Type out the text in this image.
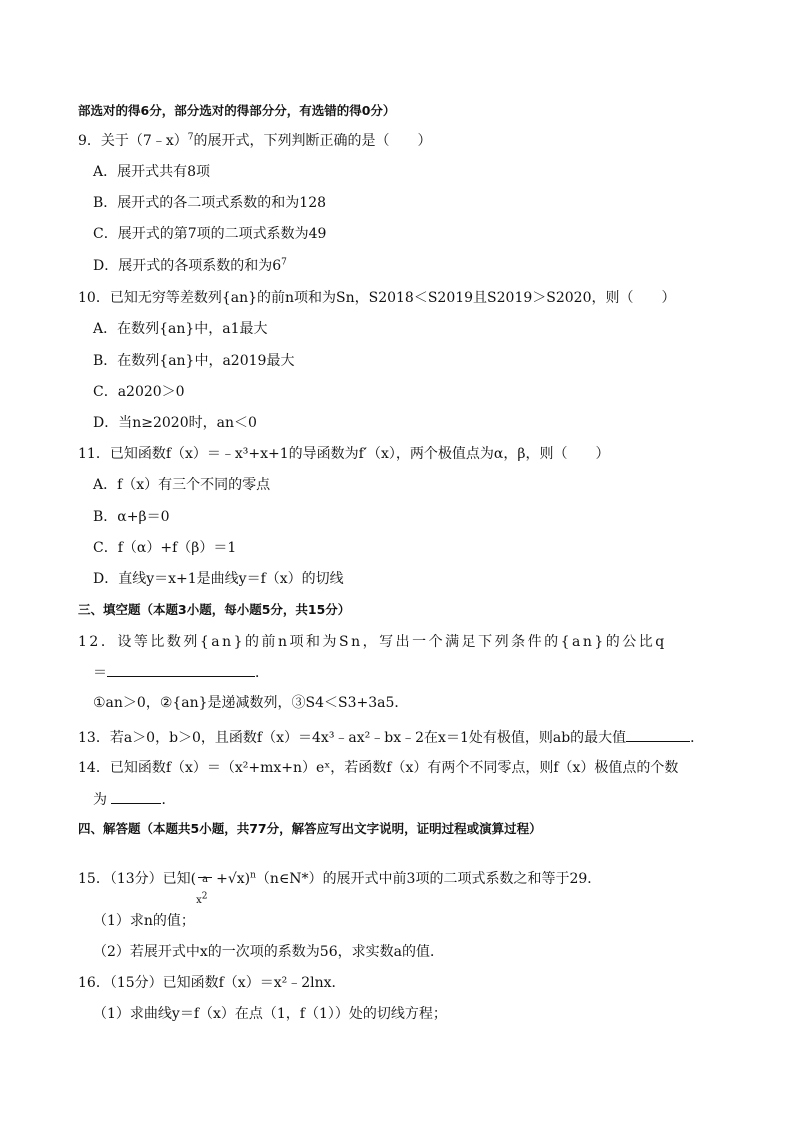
部选对的得6分，部分选对的得部分分，有选错的得0分）
9．关于（7﹣x）$^7$的展开式，下列判断正确的是（　　）
A．展开式共有8项
B．展开式的各二项式系数的和为128
C．展开式的第7项的二项式系数为49
D．展开式的各项系数的和为$6^7$
10．已知无穷等差数列{an}的前n项和为Sn，S2018＜S2019且S2019＞S2020，则（　　）
A．在数列{an}中，a1最大
B．在数列{an}中，a2019最大
C．a2020＞0
D．当n≥2020时，an＜0
11．已知函数f（x）＝﹣x³+x+1的导函数为f′（x），两个极值点为α，β，则（　　）
A．f（x）有三个不同的零点
B．α+β＝0
C．f（α）+f（β）＝1
D．直线y＝x+1是曲线y＝f（x）的切线
三、填空题（本题3小题，每小题5分，共15分）
12．设等比数列{an}的前n项和为Sn，写出一个满足下列条件的{an}的公比q
＝	．
①an＞0，②{an}是递减数列，③S4＜S3+3a5．
13．若a＞0，b＞0，且函数f（x）＝4x³﹣ax²﹣bx﹣2在x＝1处有极值，则ab的最大值	．
14．已知函数f（x）＝（x²+mx+n）eˣ，若函数f（x）有两个不同零点，则f（x）极值点的个数
为	．
四、解答题（本题共5小题，共77分，解答应写出文字说明，证明过程或演算过程）
15．（13分）已知( a
$x^2$
+√x)$^n$（n∈N*）的展开式中前3项的二项式系数之和等于29．
（1）求n的值；
（2）若展开式中x的一次项的系数为56，求实数a的值．
16．（15分）已知函数f（x）＝x²﹣2lnx．
（1）求曲线y＝f（x）在点（1，f（1））处的切线方程；
